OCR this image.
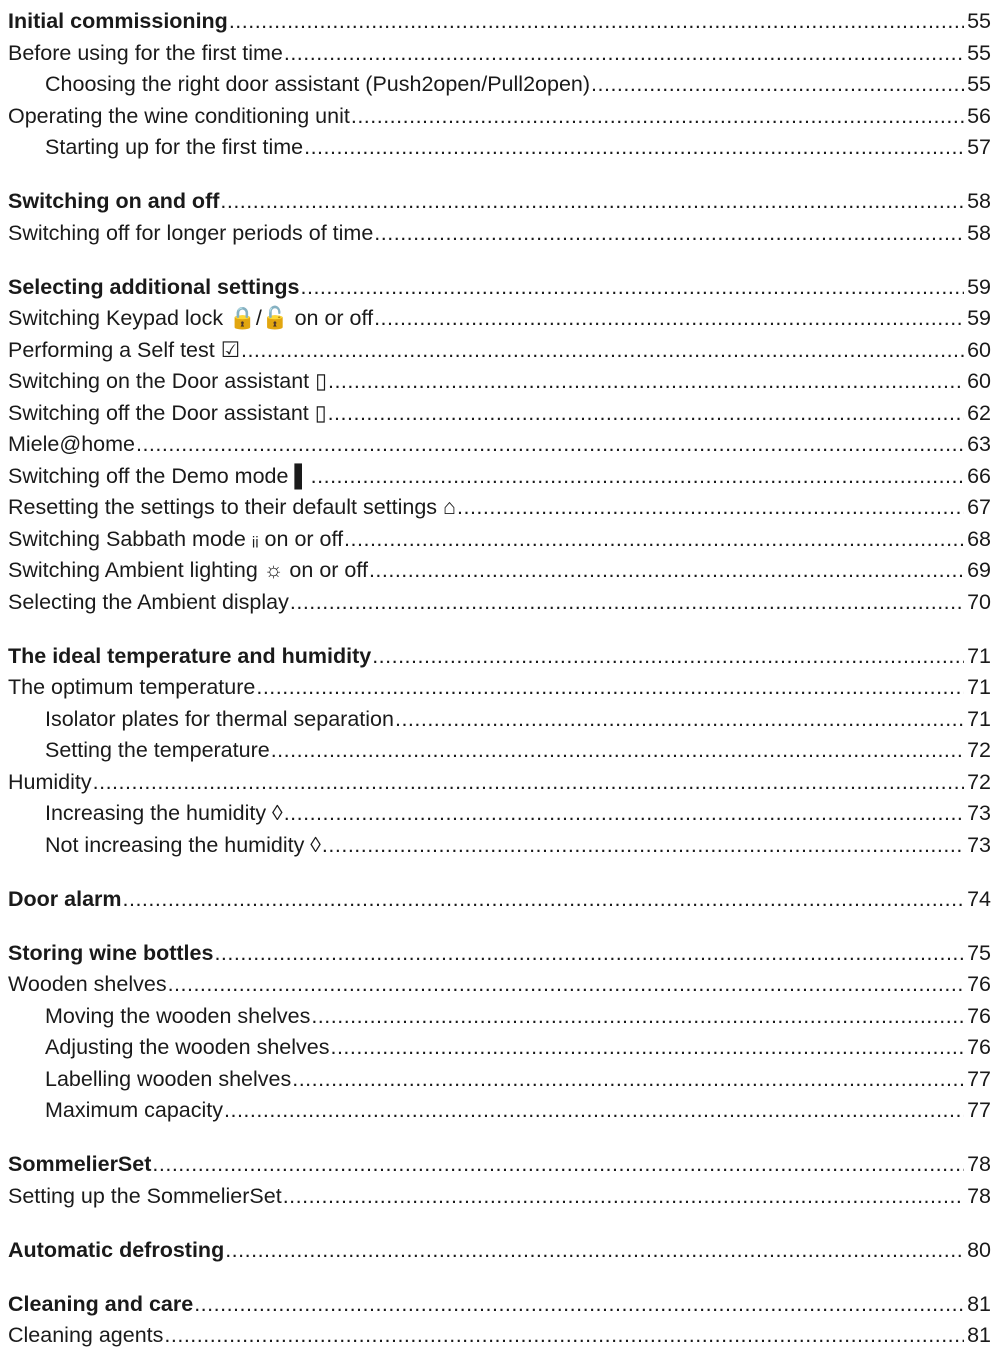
Initial commissioning .....	55
Before using for the first time .....	55
Choosing the right door assistant (Push2open/Pull2open) .....	55
Operating the wine conditioning unit .....	56
Starting up for the first time .....	57
Switching on and off .....	58
Switching off for longer periods of time .....	58
Selecting additional settings .....	59
Switching Keypad lock 🔒/🔓 on or off .....	59
Performing a Self test ☑ .....	60
Switching on the Door assistant ▯ .....	60
Switching off the Door assistant ▯ .....	62
Miele@home .....	63
Switching off the Demo mode ▌ .....	66
Resetting the settings to their default settings ⌂ .....	67
Switching Sabbath mode ᵢᵢ on or off .....	68
Switching Ambient lighting ☼ on or off .....	69
Selecting the Ambient display .....	70
The ideal temperature and humidity .....	71
The optimum temperature .....	71
Isolator plates for thermal separation .....	71
Setting the temperature .....	72
Humidity .....	72
Increasing the humidity ◊ .....	73
Not increasing the humidity ◊ .....	73
Door alarm .....	74
Storing wine bottles .....	75
Wooden shelves .....	76
Moving the wooden shelves .....	76
Adjusting the wooden shelves .....	76
Labelling wooden shelves .....	77
Maximum capacity .....	77
SommelierSet .....	78
Setting up the SommelierSet .....	78
Automatic defrosting .....	80
Cleaning and care .....	81
Cleaning agents .....	81
